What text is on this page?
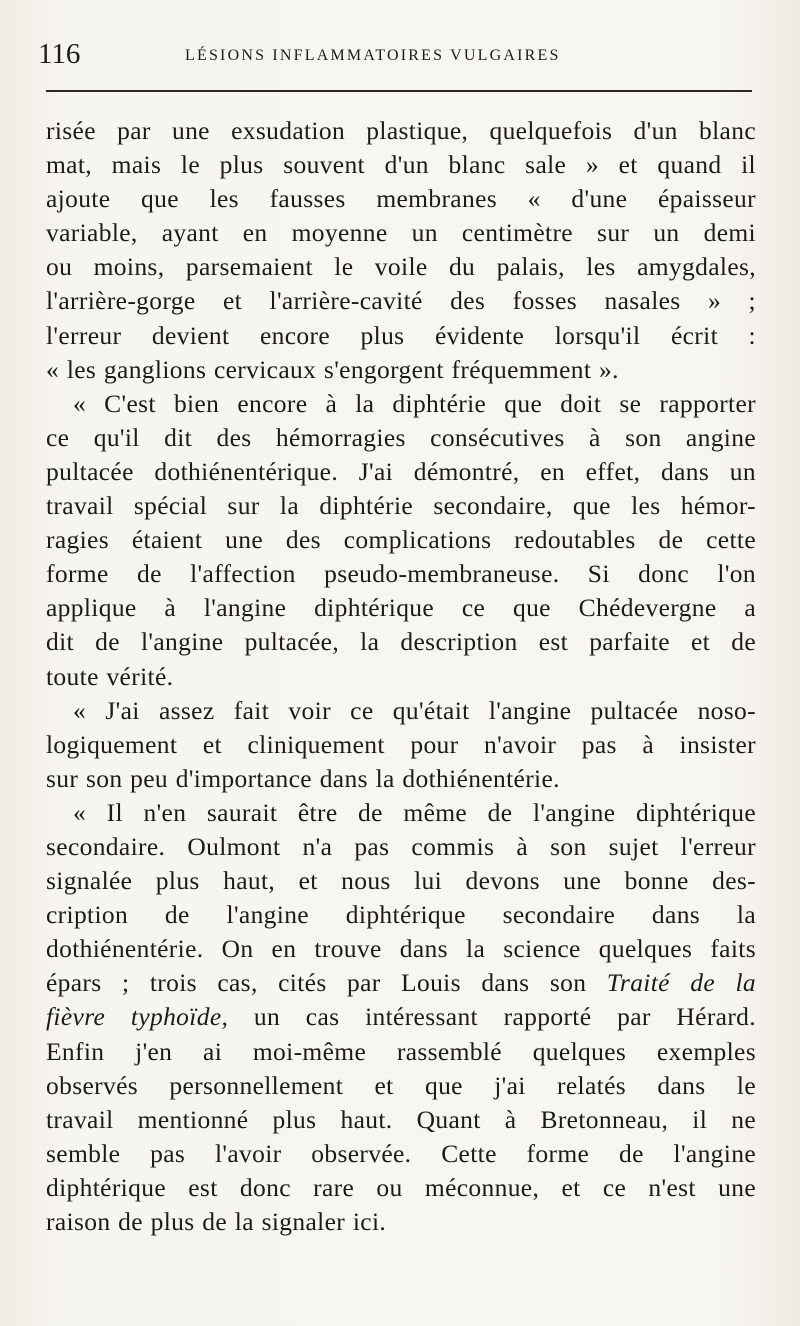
116	LÉSIONS INFLAMMATOIRES VULGAIRES

risée par une exsudation plastique, quelquefois d'un blanc
mat, mais le plus souvent d'un blanc sale » et quand il
ajoute que les fausses membranes « d'une épaisseur
variable, ayant en moyenne un centimètre sur un demi
ou moins, parsemaient le voile du palais, les amygdales,
l'arrière-gorge et l'arrière-cavité des fosses nasales » ;
l'erreur devient encore plus évidente lorsqu'il écrit :
« les ganglions cervicaux s'engorgent fréquemment ».

« C'est bien encore à la diphtérie que doit se rapporter
ce qu'il dit des hémorragies consécutives à son angine
pultacée dothiénentérique. J'ai démontré, en effet, dans un
travail spécial sur la diphtérie secondaire, que les hémor-
ragies étaient une des complications redoutables de cette
forme de l'affection pseudo-membraneuse. Si donc l'on
applique à l'angine diphtérique ce que Chédevergne a
dit de l'angine pultacée, la description est parfaite et de
toute vérité.

« J'ai assez fait voir ce qu'était l'angine pultacée noso-
logiquement et cliniquement pour n'avoir pas à insister
sur son peu d'importance dans la dothiénentérie.

« Il n'en saurait être de même de l'angine diphtérique
secondaire. Oulmont n'a pas commis à son sujet l'erreur
signalée plus haut, et nous lui devons une bonne des-
cription de l'angine diphtérique secondaire dans la
dothiénentérie. On en trouve dans la science quelques faits
épars ; trois cas, cités par Louis dans son Traité de la
fièvre typhoïde, un cas intéressant rapporté par Hérard.
Enfin j'en ai moi-même rassemblé quelques exemples
observés personnellement et que j'ai relatés dans le
travail mentionné plus haut. Quant à Bretonneau, il ne
semble pas l'avoir observée. Cette forme de l'angine
diphtérique est donc rare ou méconnue, et ce n'est une
raison de plus de la signaler ici.
